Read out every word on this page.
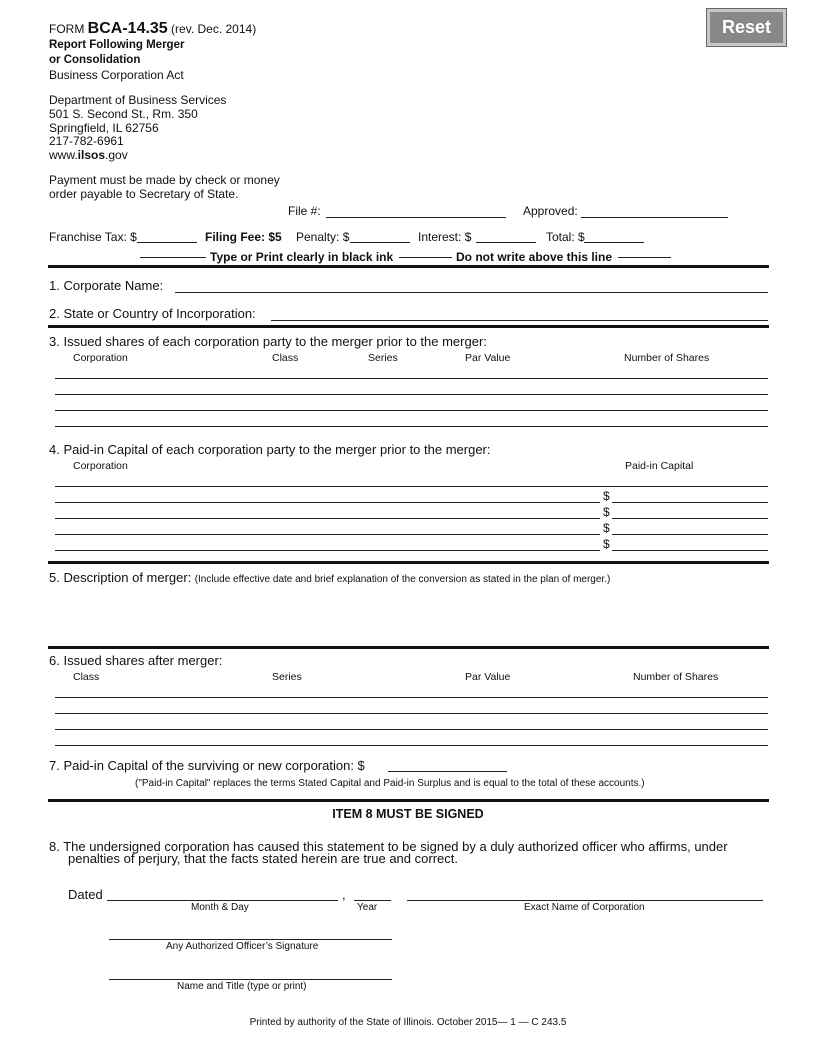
FORM BCA-14.35 (rev. Dec. 2014)
Report Following Merger
or Consolidation
Business Corporation Act
Reset
Department of Business Services
501 S. Second St., Rm. 350
Springfield, IL 62756
217-782-6961
www.ilsos.gov
Payment must be made by check or money
order payable to Secretary of State.
File #:	Approved:
Franchise Tax: $	Filing Fee: $5 Penalty: $	Interest: $	Total: $
Type or Print clearly in black ink	Do not write above this line
1. Corporate Name:
2. State or Country of Incorporation:
3. Issued shares of each corporation party to the merger prior to the merger:
Corporation	Class	Series	Par Value	Number of Shares
4. Paid-in Capital of each corporation party to the merger prior to the merger:
Corporation	Paid-in Capital
$
$
$
$
5. Description of merger: (Include effective date and brief explanation of the conversion as stated in the plan of merger.)
6. Issued shares after merger:
Class	Series	Par Value	Number of Shares
7. Paid-in Capital of the surviving or new corporation: $
("Paid-in Capital" replaces the terms Stated Capital and Paid-in Surplus and is equal to the total of these accounts.)
ITEM 8 MUST BE SIGNED
8. The undersigned corporation has caused this statement to be signed by a duly authorized officer who affirms, under
penalties of perjury, that the facts stated herein are true and correct.
Dated	,
Month & Day	Year	Exact Name of Corporation
Any Authorized Officer’s Signature
Name and Title (type or print)
Printed by authority of the State of Illinois. October 2015— 1 — C 243.5
